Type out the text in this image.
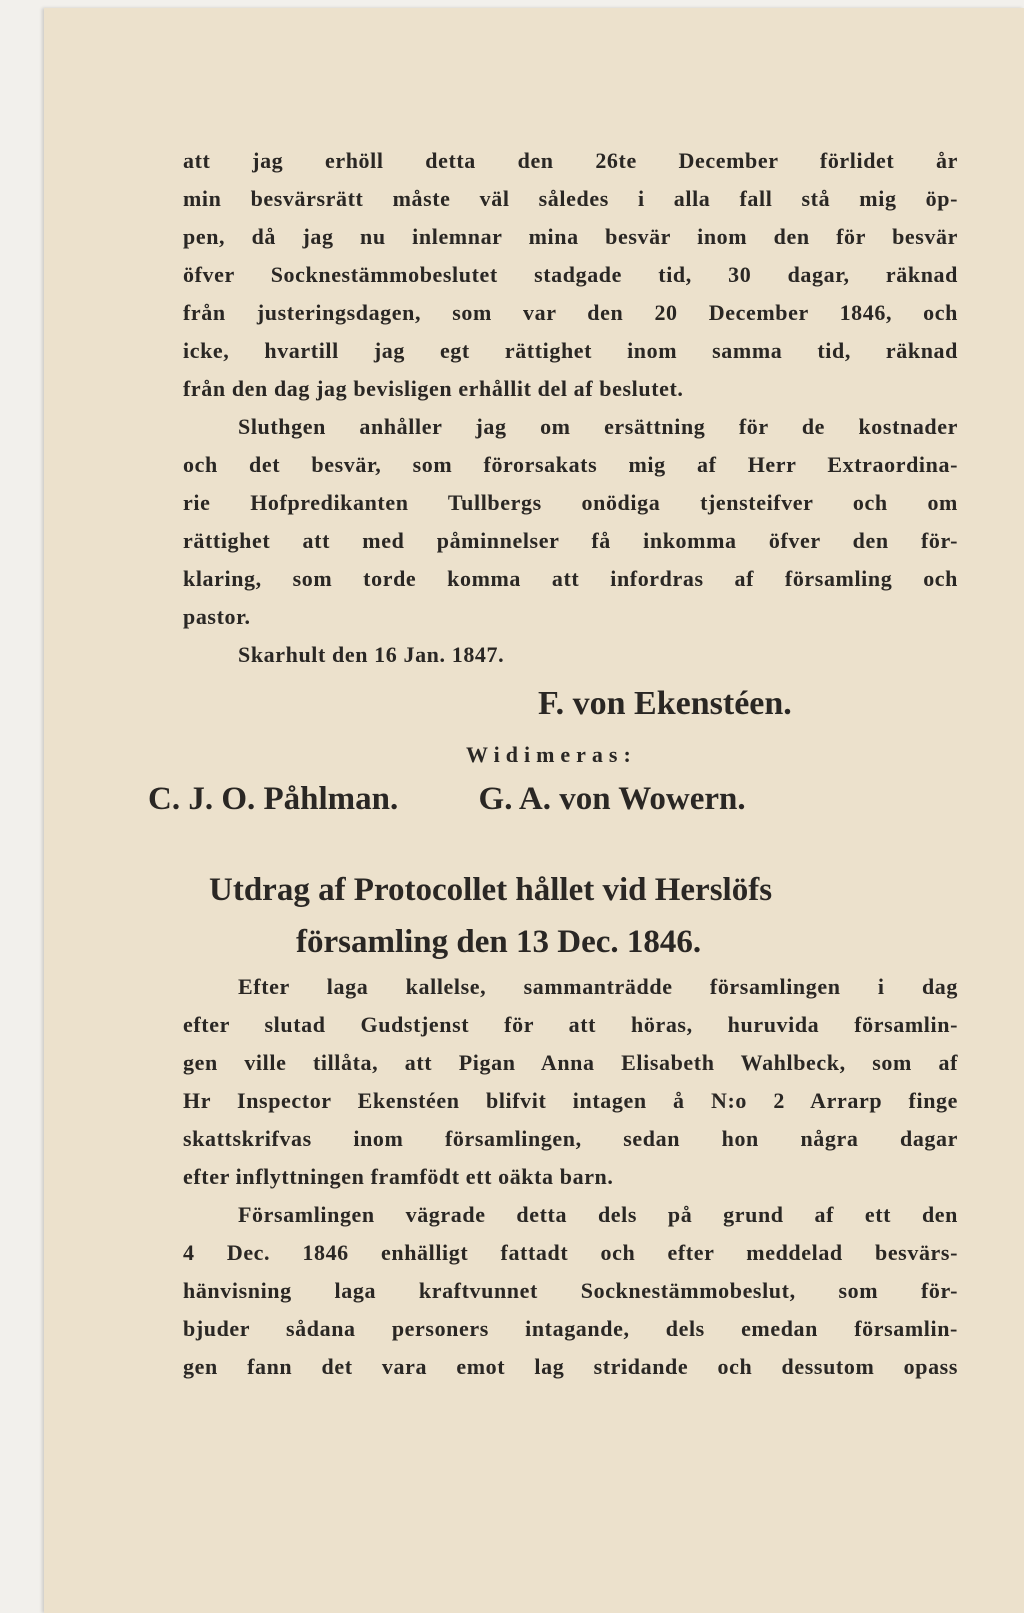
att jag erhöll detta den 26te December förlidet år
min besvärsrätt måste väl således i alla fall stå mig öp-
pen, då jag nu inlemnar mina besvär inom den för besvär
öfver Socknestämmobeslutet stadgade tid, 30 dagar, räknad
från justeringsdagen, som var den 20 December 1846, och
icke, hvartill jag egt rättighet inom samma tid, räknad
från den dag jag bevisligen erhållit del af beslutet.
Sluthgen anhåller jag om ersättning för de kostnader
och det besvär, som förorsakats mig af Herr Extraordina-
rie Hofpredikanten Tullbergs onödiga tjensteifver och om
rättighet att med påminnelser få inkomma öfver den för-
klaring, som torde komma att infordras af församling och
pastor.
Skarhult den 16 Jan. 1847.
F. von Ekenstéen.
Widimeras:
C. J. O. Påhlman. G. A. von Wowern.
Utdrag af Protocollet hållet vid Herslöfs
församling den 13 Dec. 1846.
Efter laga kallelse, sammanträdde församlingen i dag
efter slutad Gudstjenst för att höras, huruvida församlin-
gen ville tillåta, att Pigan Anna Elisabeth Wahlbeck, som af
Hr Inspector Ekenstéen blifvit intagen å N:o 2 Arrarp finge
skattskrifvas inom församlingen, sedan hon några dagar
efter inflyttningen framfödt ett oäkta barn.
Församlingen vägrade detta dels på grund af ett den
4 Dec. 1846 enhälligt fattadt och efter meddelad besvärs-
hänvisning laga kraftvunnet Socknestämmobeslut, som för-
bjuder sådana personers intagande, dels emedan församlin-
gen fann det vara emot lag stridande och dessutom opass
